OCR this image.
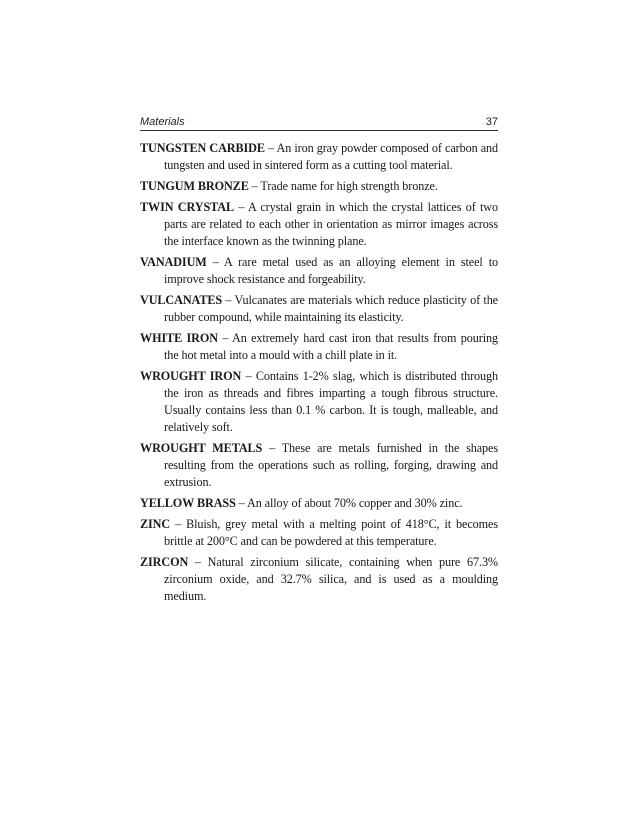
Materials	37
TUNGSTEN CARBIDE – An iron gray powder composed of carbon and tungsten and used in sintered form as a cutting tool material.
TUNGUM BRONZE – Trade name for high strength bronze.
TWIN CRYSTAL – A crystal grain in which the crystal lattices of two parts are related to each other in orientation as mirror images across the interface known as the twinning plane.
VANADIUM – A rare metal used as an alloying element in steel to improve shock resistance and forgeability.
VULCANATES – Vulcanates are materials which reduce plasticity of the rubber compound, while maintaining its elasticity.
WHITE IRON – An extremely hard cast iron that results from pouring the hot metal into a mould with a chill plate in it.
WROUGHT IRON – Contains 1-2% slag, which is distributed through the iron as threads and fibres imparting a tough fibrous structure. Usually contains less than 0.1 % carbon. It is tough, malleable, and relatively soft.
WROUGHT METALS – These are metals furnished in the shapes resulting from the operations such as rolling, forging, drawing and extrusion.
YELLOW BRASS – An alloy of about 70% copper and 30% zinc.
ZINC – Bluish, grey metal with a melting point of 418°C, it becomes brittle at 200°C and can be powdered at this temperature.
ZIRCON – Natural zirconium silicate, containing when pure 67.3% zirconium oxide, and 32.7% silica, and is used as a moulding medium.
